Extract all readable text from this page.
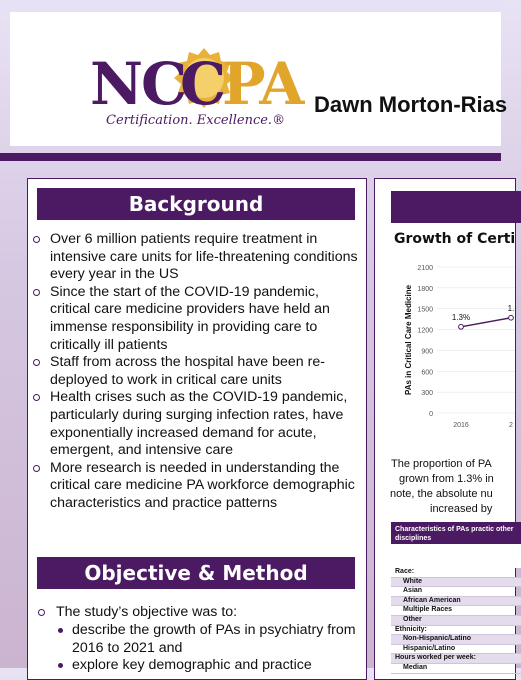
NC
C
PA
Certification. Excellence.®
Dawn Morton-Rias
Background
Over 6 million patients require treatment in intensive care units for life-threatening conditions every year in the US
Since the start of the COVID-19 pandemic, critical care medicine providers have held an immense responsibility in providing care to critically ill patients
Staff from across the hospital have been re-deployed to work in critical care units
Health crises such as the COVID-19 pandemic, particularly during surging infection rates, have exponentially increased demand for acute, emergent, and intensive care
More research is needed in understanding the critical care medicine PA workforce demographic characteristics and practice patterns
Objective & Method
The study’s objective was to:
describe the growth of PAs in psychiatry from 2016 to 2021 and
explore key demographic and practice
Growth of Certi
0
300
600
900
1200
1500
1800
2100
PAs in Critical Care Medicine
2016	2
1.3%
1.
The proportion of PA
grown from 1.3% in
note, the absolute nu
increased by
Characteristics of PAs practic other disciplines
Race:
White
Asian
African American
Multiple Races
Other
Ethnicity:
Non-Hispanic/Latino
Hispanic/Latino
Hours worked per week:
Median
